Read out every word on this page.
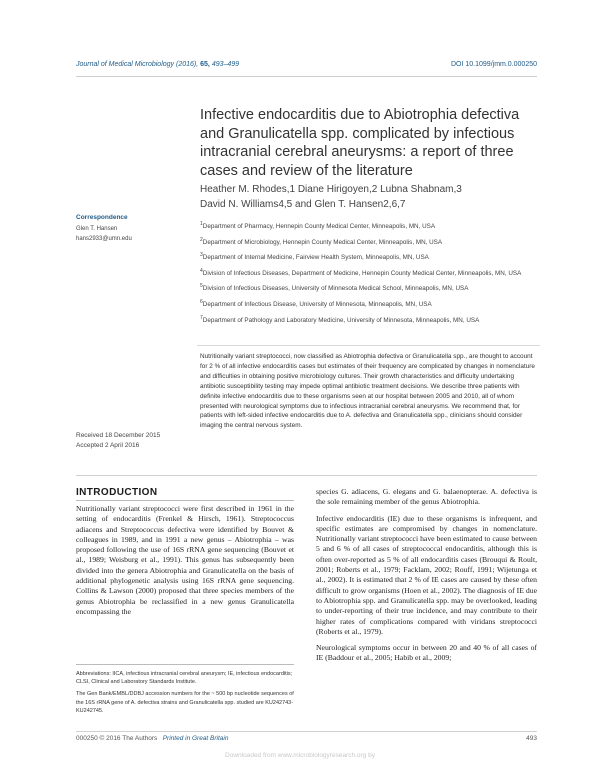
Journal of Medical Microbiology (2016), 65, 493–499	DOI 10.1099/jmm.0.000250
Infective endocarditis due to Abiotrophia defectiva and Granulicatella spp. complicated by infectious intracranial cerebral aneurysms: a report of three cases and review of the literature
Heather M. Rhodes,1 Diane Hirigoyen,2 Lubna Shabnam,3
David N. Williams4,5 and Glen T. Hansen2,6,7
Correspondence
Glen T. Hansen
hans2933@umn.edu
$^1$Department of Pharmacy, Hennepin County Medical Center, Minneapolis, MN, USA
$^2$Department of Microbiology, Hennepin County Medical Center, Minneapolis, MN, USA
$^3$Department of Internal Medicine, Fairview Health System, Minneapolis, MN, USA
$^4$Division of Infectious Diseases, Department of Medicine, Hennepin County Medical Center, Minneapolis, MN, USA
$^5$Division of Infectious Diseases, University of Minnesota Medical School, Minneapolis, MN, USA
$^6$Department of Infectious Disease, University of Minnesota, Minneapolis, MN, USA
$^7$Department of Pathology and Laboratory Medicine, University of Minnesota, Minneapolis, MN, USA
Nutritionally variant streptococci, now classified as Abiotrophia defectiva or Granulicatella spp., are thought to account for 2 % of all infective endocarditis cases but estimates of their frequency are complicated by changes in nomenclature and difficulties in obtaining positive microbiology cultures. Their growth characteristics and difficulty undertaking antibiotic susceptibility testing may impede optimal antibiotic treatment decisions. We describe three patients with definite infective endocarditis due to these organisms seen at our hospital between 2005 and 2010, all of whom presented with neurological symptoms due to infectious intracranial cerebral aneurysms. We recommend that, for patients with left-sided infective endocarditis due to A. defectiva and Granulicatella spp., clinicians should consider imaging the central nervous system.
Received 18 December 2015
Accepted 2 April 2016
INTRODUCTION

Nutritionally variant streptococci were first described in 1961 in the setting of endocarditis (Frenkel & Hirsch, 1961). Streptococcus adiacens and Streptococcus defectiva were identified by Bouvet & colleagues in 1989, and in 1991 a new genus – Abiotrophia – was proposed following the use of 16S rRNA gene sequencing (Bouvet et al., 1989; Weisburg et al., 1991). This genus has subsequently been divided into the genera Abiotrophia and Granulicatella on the basis of additional phylogenetic analysis using 16S rRNA gene sequencing. Collins & Lawson (2000) proposed that three species members of the genus Abiotrophia be reclassified in a new genus Granulicatella encompassing the

species G. adiacens, G. elegans and G. balaenopterae. A. defectiva is the sole remaining member of the genus Abiotrophia.

Infective endocarditis (IE) due to these organisms is infrequent, and specific estimates are compromised by changes in nomenclature. Nutritionally variant streptococci have been estimated to cause between 5 and 6 % of all cases of streptococcal endocarditis, although this is often over-reported as 5 % of all endocarditis cases (Brouqui & Roult, 2001; Roberts et al., 1979; Facklam, 2002; Rouff, 1991; Wijetunga et al., 2002). It is estimated that 2 % of IE cases are caused by these often difficult to grow organisms (Hoen et al., 2002). The diagnosis of IE due to Abiotrophia spp. and Granulicatella spp. may be overlooked, leading to under-reporting of their true incidence, and may contribute to their higher rates of complications compared with viridans streptococci (Roberts et al., 1979).

Neurological symptoms occur in between 20 and 40 % of all cases of IE (Baddour et al., 2005; Habib et al., 2009;

Abbreviations: IICA, infectious intracranial cerebral aneurysm; IE, infectious endocarditis; CLSI, Clinical and Laboratory Standards Institute.

The Gen Bank/EMBL/DDBJ accession numbers for the ~ 500 bp nucleotide sequences of the 16S rRNA gene of A. defectiva strains and Granulicatella spp. studied are KU242743-KU242745.

000250 © 2016 The Authors Printed in Great Britain	493
Downloaded from www.microbiologyresearch.org by
